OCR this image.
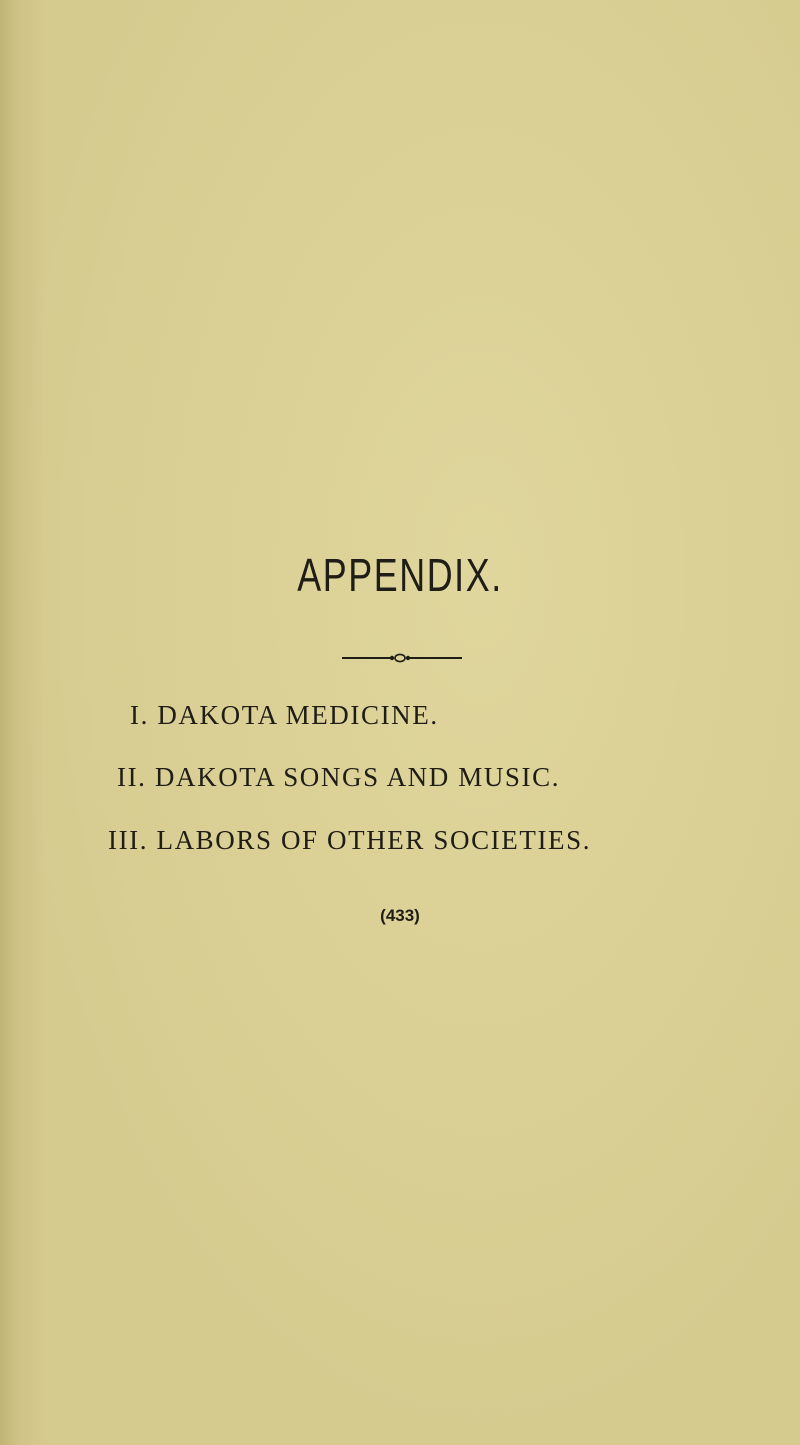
APPENDIX.
I. DAKOTA MEDICINE.
II. DAKOTA SONGS AND MUSIC.
III. LABORS OF OTHER SOCIETIES.
(433)
